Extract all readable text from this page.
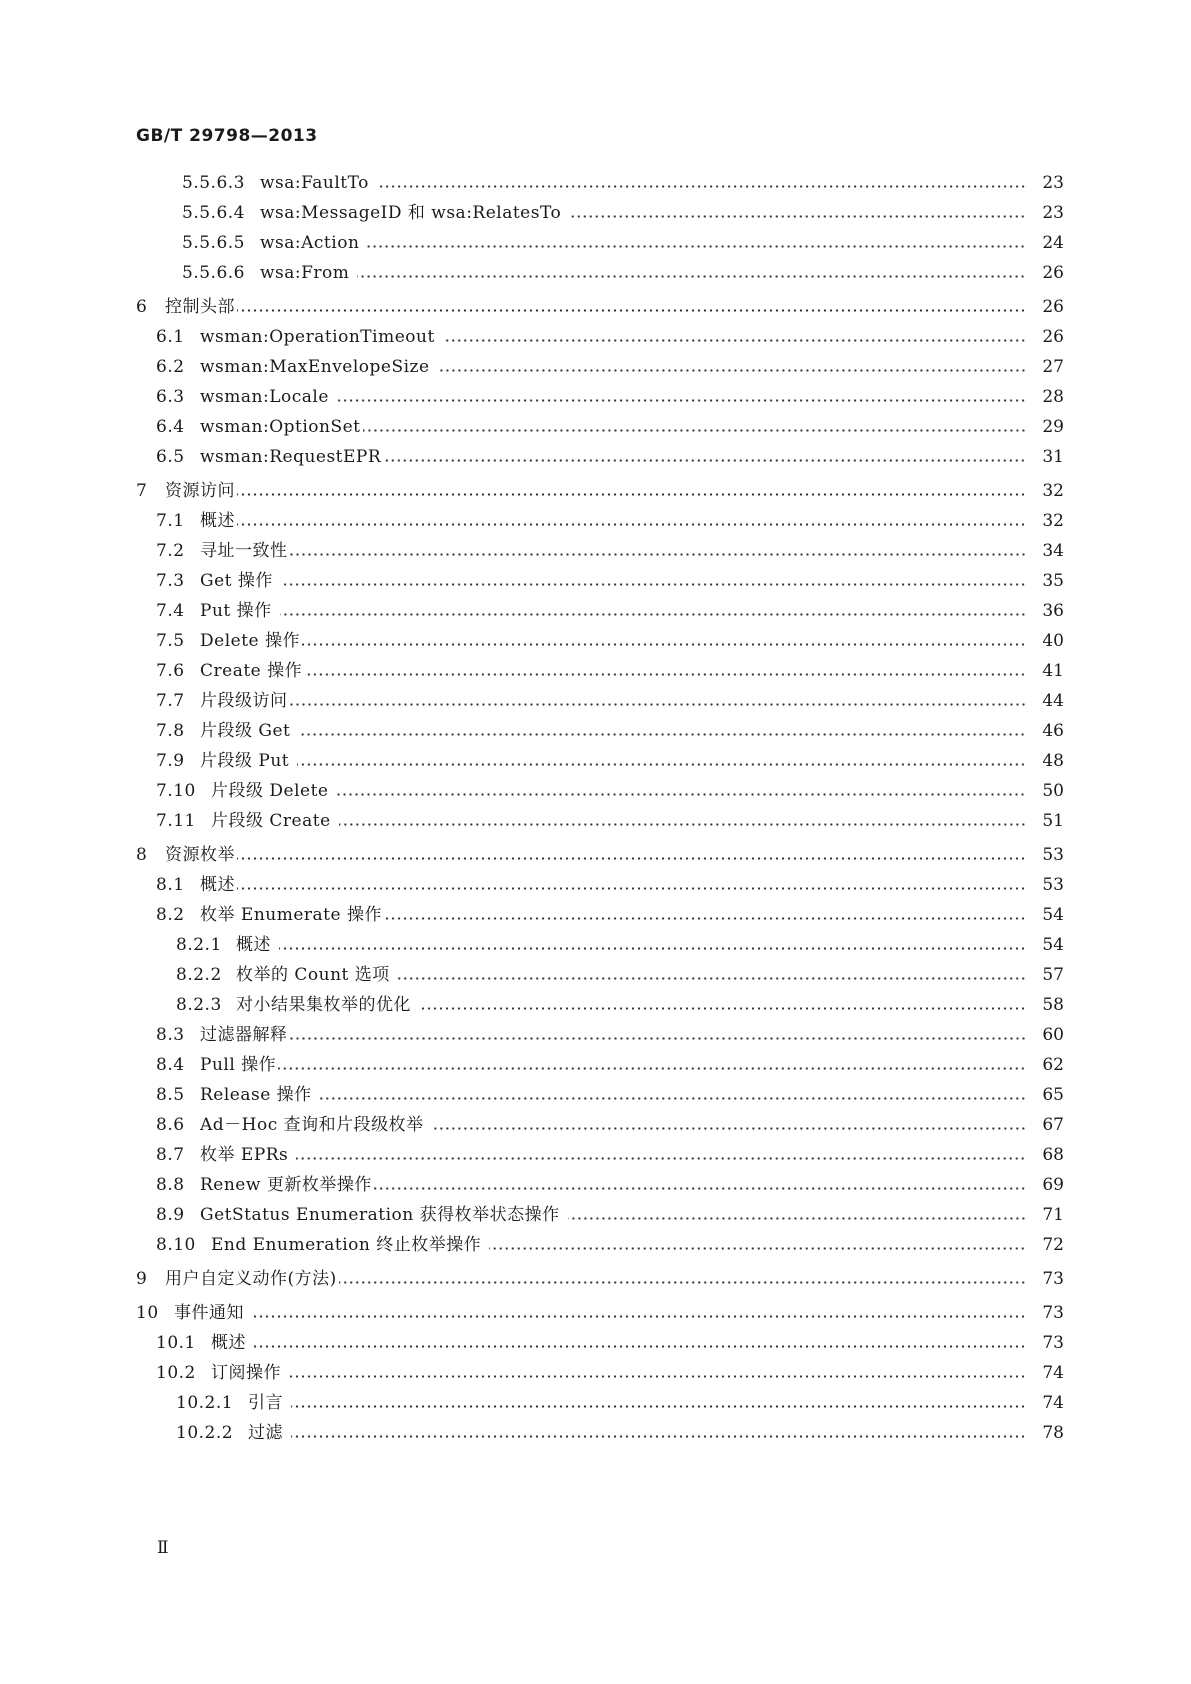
GB/T 29798—2013
5.5.6.3 wsa:FaultTo	23
5.5.6.4 wsa:MessageID 和 wsa:RelatesTo	23
5.5.6.5 wsa:Action	24
5.5.6.6 wsa:From	26
6	控制头部	26
6.1 wsman:OperationTimeout	26
6.2 wsman:MaxEnvelopeSize	27
6.3 wsman:Locale	28
6.4 wsman:OptionSet	29
6.5 wsman:RequestEPR	31
7	资源访问	32
7.1 概述	32
7.2 寻址一致性	34
7.3 Get 操作	35
7.4 Put 操作	36
7.5 Delete 操作	40
7.6 Create 操作	41
7.7 片段级访问	44
7.8 片段级 Get	46
7.9 片段级 Put	48
7.10 片段级 Delete	50
7.11 片段级 Create	51
8	资源枚举	53
8.1 概述	53
8.2 枚举 Enumerate 操作	54
8.2.1 概述	54
8.2.2 枚举的 Count 选项	57
8.2.3 对小结果集枚举的优化	58
8.3 过滤器解释	60
8.4 Pull 操作	62
8.5 Release 操作	65
8.6 Ad－Hoc 查询和片段级枚举	67
8.7 枚举 EPRs	68
8.8 Renew 更新枚举操作	69
8.9 GetStatus Enumeration 获得枚举状态操作	71
8.10 End Enumeration 终止枚举操作	72
9	用户自定义动作(方法)	73
10 事件通知	73
10.1 概述	73
10.2 订阅操作	74
10.2.1 引言	74
10.2.2 过滤	78
Ⅱ
